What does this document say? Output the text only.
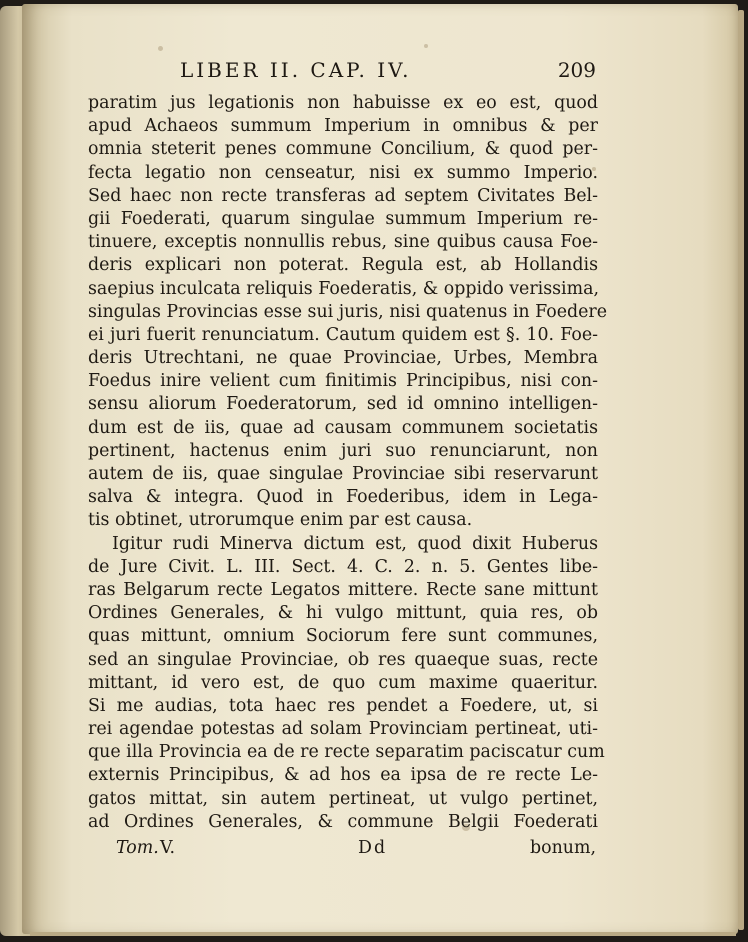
LIBER II. CAP. IV.	209
paratim jus legationis non habuisse ex eo est, quod
apud Achaeos summum Imperium in omnibus & per
omnia steterit penes commune Concilium, & quod per-
fecta legatio non censeatur, nisi ex summo Imperio.
Sed haec non recte transferas ad septem Civitates Bel-
gii Foederati, quarum singulae summum Imperium re-
tinuere, exceptis nonnullis rebus, sine quibus causa Foe-
deris explicari non poterat. Regula est, ab Hollandis
saepius inculcata reliquis Foederatis, & oppido verissima,
singulas Provincias esse sui juris, nisi quatenus in Foedere
ei juri fuerit renunciatum. Cautum quidem est §. 10. Foe-
deris Utrechtani, ne quae Provinciae, Urbes, Membra
Foedus inire velient cum finitimis Principibus, nisi con-
sensu aliorum Foederatorum, sed id omnino intelligen-
dum est de iis, quae ad causam communem societatis
pertinent, hactenus enim juri suo renunciarunt, non
autem de iis, quae singulae Provinciae sibi reservarunt
salva & integra. Quod in Foederibus, idem in Lega-
tis obtinet, utrorumque enim par est causa.
Igitur rudi Minerva dictum est, quod dixit Huberus
de Jure Civit. L. III. Sect. 4. C. 2. n. 5. Gentes libe-
ras Belgarum recte Legatos mittere. Recte sane mittunt
Ordines Generales, & hi vulgo mittunt, quia res, ob
quas mittunt, omnium Sociorum fere sunt communes,
sed an singulae Provinciae, ob res quaeque suas, recte
mittant, id vero est, de quo cum maxime quaeritur.
Si me audias, tota haec res pendet a Foedere, ut, si
rei agendae potestas ad solam Provinciam pertineat, uti-
que illa Provincia ea de re recte separatim paciscatur cum
externis Principibus, & ad hos ea ipsa de re recte Le-
gatos mittat, sin autem pertineat, ut vulgo pertinet,
ad Ordines Generales, & commune Belgii Foederati
Tom. V.	Dd	bonum,
